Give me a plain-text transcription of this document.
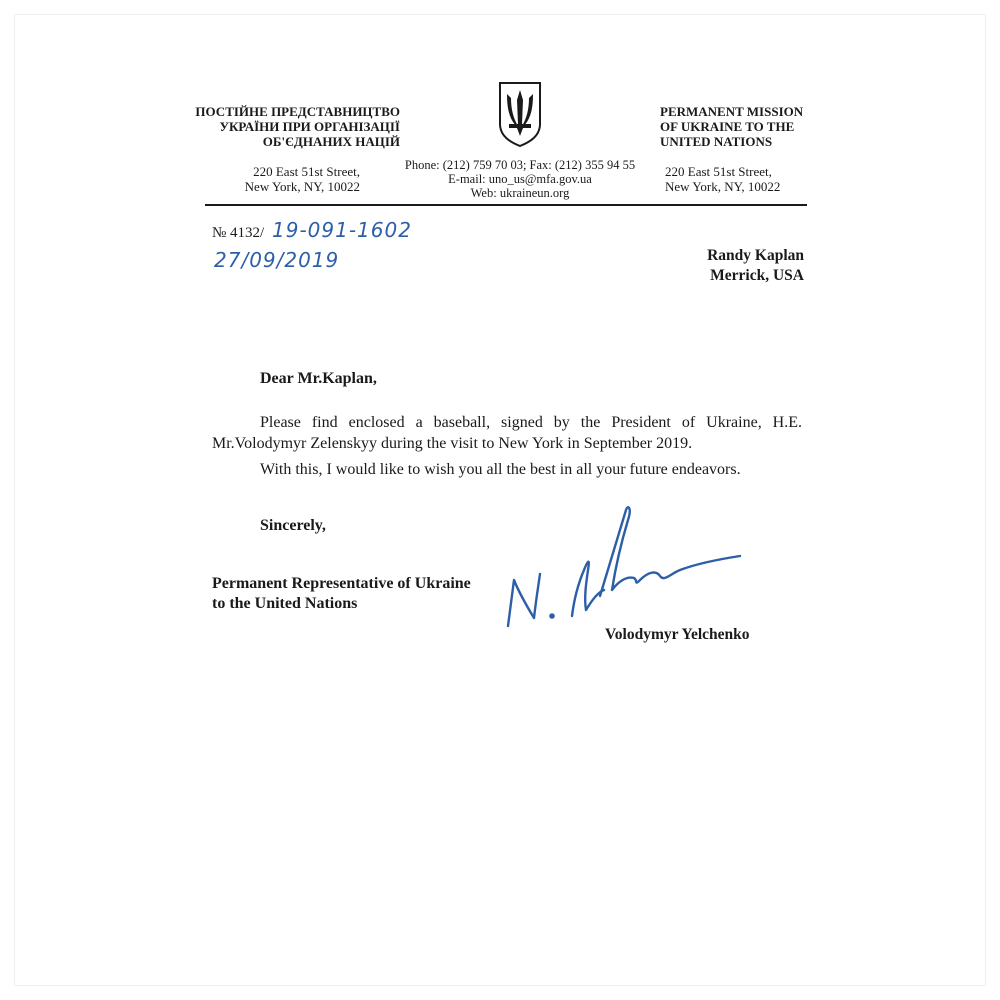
ПОСТІЙНЕ ПРЕДСТАВНИЦТВО
УКРАЇНИ ПРИ ОРГАНІЗАЦІЇ
ОБ'ЄДНАНИХ НАЦІЙ
PERMANENT MISSION
OF UKRAINE TO THE
UNITED NATIONS
220 East 51st Street,
New York, NY, 10022
Phone: (212) 759 70 03; Fax: (212) 355 94 55
E-mail: uno_us@mfa.gov.ua
Web: ukraineun.org
220 East 51st Street,
New York, NY, 10022
№ 4132/ 19-091-1602
27/09/2019	Randy Kaplan
Merrick, USA
Dear Mr.Kaplan,
Please find enclosed a baseball, signed by the President of Ukraine, H.E. Mr.Volodymyr Zelenskyy during the visit to New York in September 2019.
With this, I would like to wish you all the best in all your future endeavors.
Sincerely,
Permanent Representative of Ukraine
to the United Nations
Volodymyr Yelchenko
